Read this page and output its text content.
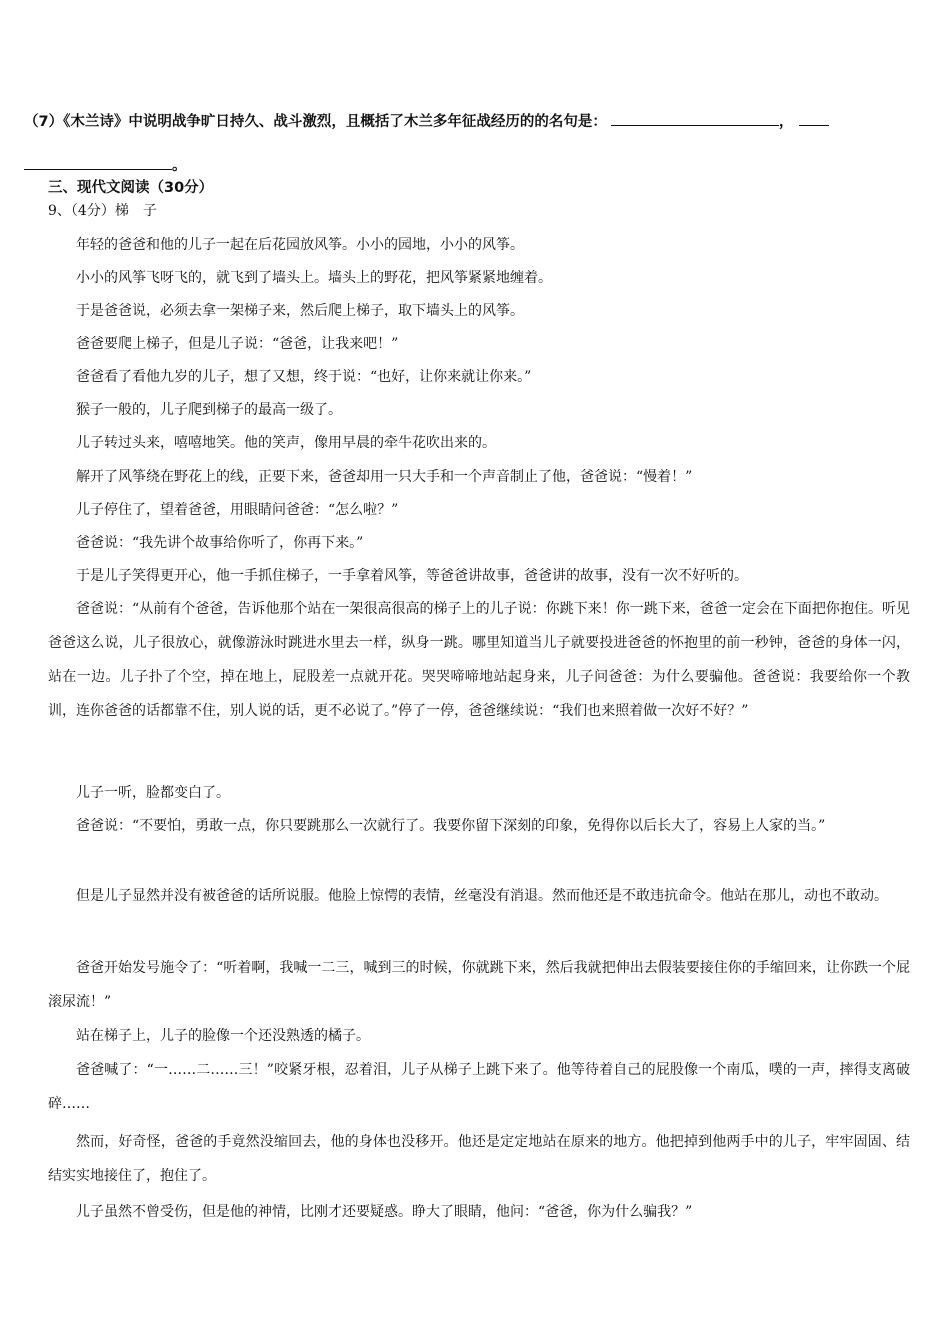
（7）《木兰诗》中说明战争旷日持久、战斗激烈，且概括了木兰多年征战经历的的名句是：	，
。
三、现代文阅读（30分）
9、（4分）梯　子

年轻的爸爸和他的儿子一起在后花园放风筝。小小的园地，小小的风筝。

小小的风筝飞呀飞的，就飞到了墙头上。墙头上的野花，把风筝紧紧地缠着。

于是爸爸说，必须去拿一架梯子来，然后爬上梯子，取下墙头上的风筝。

爸爸要爬上梯子，但是儿子说：“爸爸，让我来吧！”

爸爸看了看他九岁的儿子，想了又想，终于说：“也好，让你来就让你来。”

猴子一般的，儿子爬到梯子的最高一级了。

儿子转过头来，嘻嘻地笑。他的笑声，像用早晨的牵牛花吹出来的。

解开了风筝绕在野花上的线，正要下来，爸爸却用一只大手和一个声音制止了他，爸爸说：“慢着！”

儿子停住了，望着爸爸，用眼睛问爸爸：“怎么啦？”

爸爸说：“我先讲个故事给你听了，你再下来。”

于是儿子笑得更开心，他一手抓住梯子，一手拿着风筝，等爸爸讲故事，爸爸讲的故事，没有一次不好听的。

爸爸说：“从前有个爸爸，告诉他那个站在一架很高很高的梯子上的儿子说：你跳下来！你一跳下来，爸爸一定会在下面把你抱住。听见爸爸这么说，儿子很放心，就像游泳时跳进水里去一样，纵身一跳。哪里知道当儿子就要投进爸爸的怀抱里的前一秒钟，爸爸的身体一闪，站在一边。儿子扑了个空，掉在地上，屁股差一点就开花。哭哭啼啼地站起身来，儿子问爸爸：为什么要骗他。爸爸说：我要给你一个教训，连你爸爸的话都靠不住，别人说的话，更不必说了。”停了一停，爸爸继续说：“我们也来照着做一次好不好？”

儿子一听，脸都变白了。

爸爸说：“不要怕，勇敢一点，你只要跳那么一次就行了。我要你留下深刻的印象，免得你以后长大了，容易上人家的当。”

但是儿子显然并没有被爸爸的话所说服。他脸上惊愕的表情，丝毫没有消退。然而他还是不敢违抗命令。他站在那儿，动也不敢动。

爸爸开始发号施令了：“听着啊，我喊一二三，喊到三的时候，你就跳下来，然后我就把伸出去假装要接住你的手缩回来，让你跌一个屁滚尿流！”

站在梯子上，儿子的脸像一个还没熟透的橘子。

爸爸喊了：“一……二……三！”咬紧牙根，忍着泪，儿子从梯子上跳下来了。他等待着自己的屁股像一个南瓜，噗的一声，摔得支离破碎……

然而，好奇怪，爸爸的手竟然没缩回去，他的身体也没移开。他还是定定地站在原来的地方。他把掉到他两手中的儿子，牢牢固固、结结实实地接住了，抱住了。

儿子虽然不曾受伤，但是他的神情，比刚才还要疑惑。睁大了眼睛，他问：“爸爸，你为什么骗我？”
